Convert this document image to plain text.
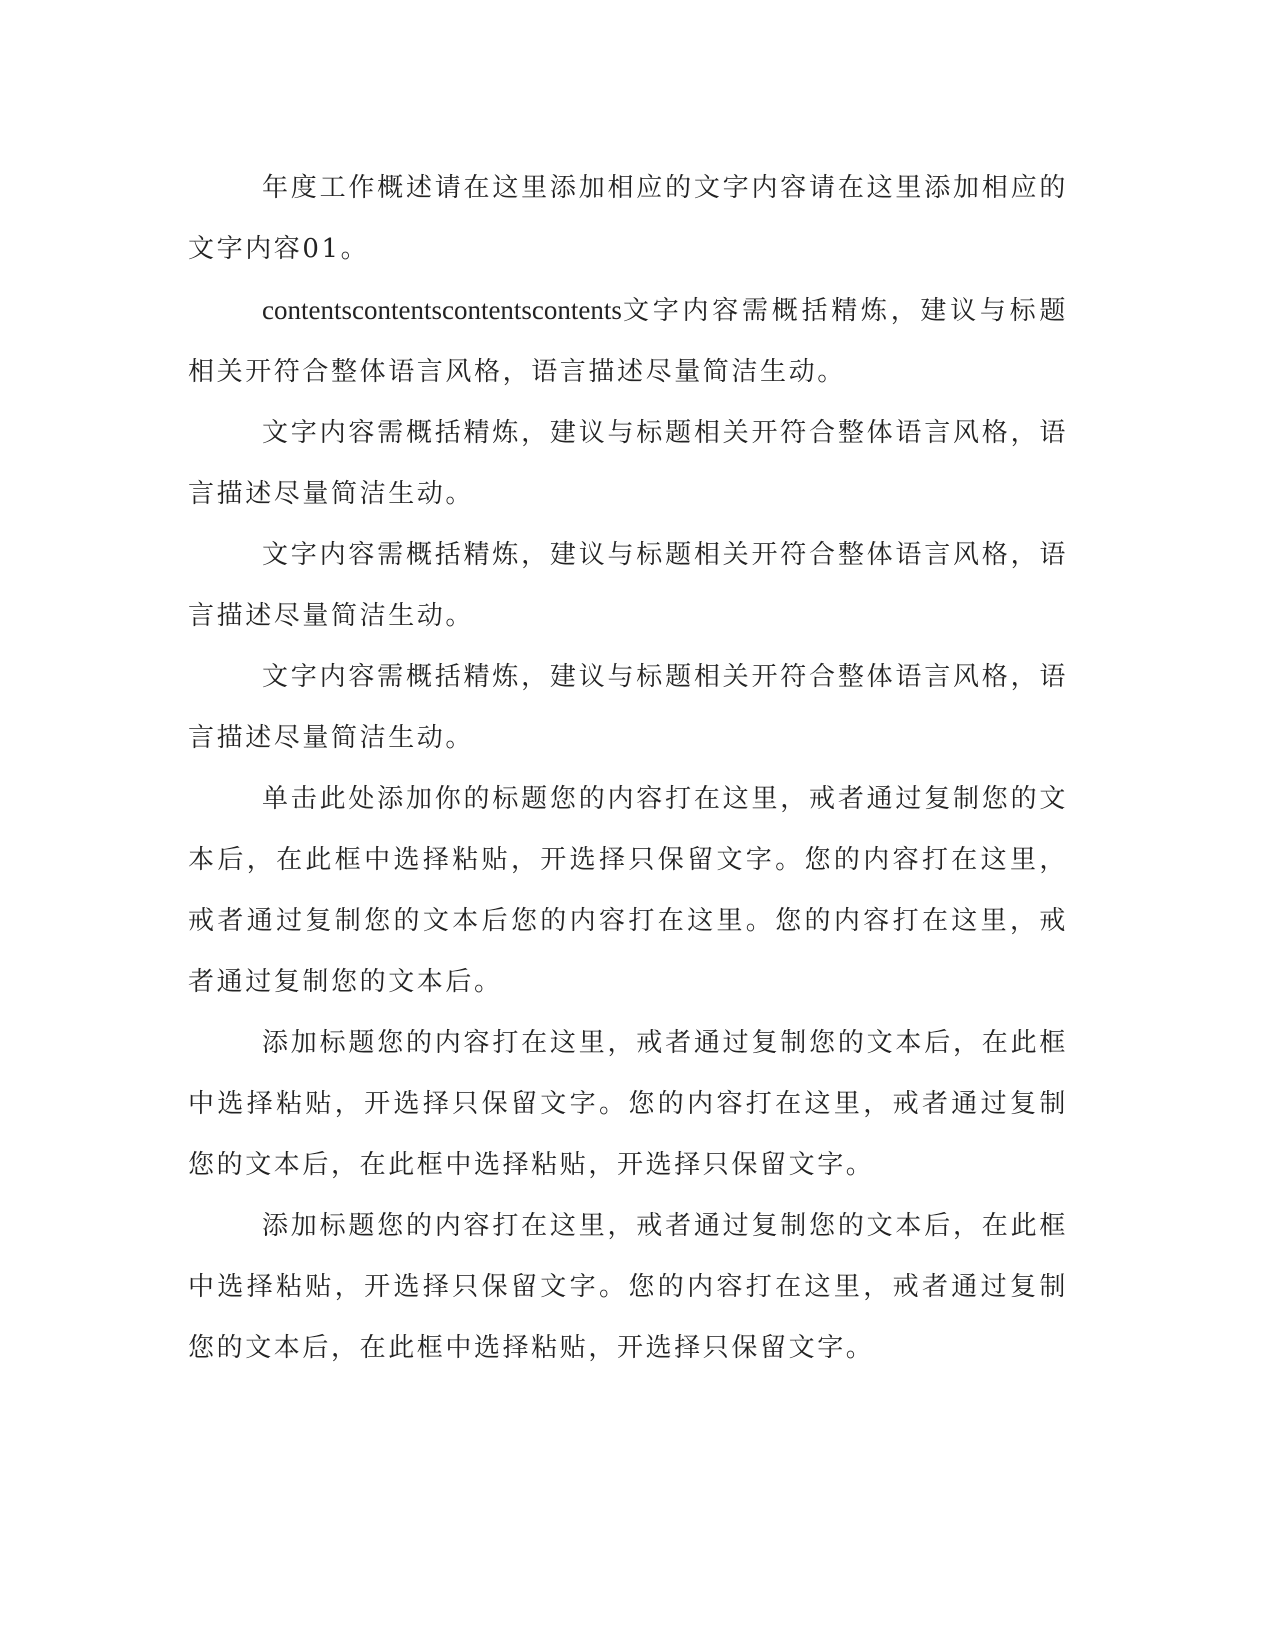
年度工作概述请在这里添加相应的文字内容请在这里添加相应的文字内容01。

contentscontentscontentscontents文字内容需概括精炼，建议与标题相关开符合整体语言风格，语言描述尽量简洁生动。

文字内容需概括精炼，建议与标题相关开符合整体语言风格，语言描述尽量简洁生动。

文字内容需概括精炼，建议与标题相关开符合整体语言风格，语言描述尽量简洁生动。

文字内容需概括精炼，建议与标题相关开符合整体语言风格，语言描述尽量简洁生动。

单击此处添加你的标题您的内容打在这里，戒者通过复制您的文本后，在此框中选择粘贴，开选择只保留文字。您的内容打在这里，戒者通过复制您的文本后您的内容打在这里。您的内容打在这里，戒者通过复制您的文本后。

添加标题您的内容打在这里，戒者通过复制您的文本后，在此框中选择粘贴，开选择只保留文字。您的内容打在这里，戒者通过复制您的文本后，在此框中选择粘贴，开选择只保留文字。

添加标题您的内容打在这里，戒者通过复制您的文本后，在此框中选择粘贴，开选择只保留文字。您的内容打在这里，戒者通过复制您的文本后，在此框中选择粘贴，开选择只保留文字。
